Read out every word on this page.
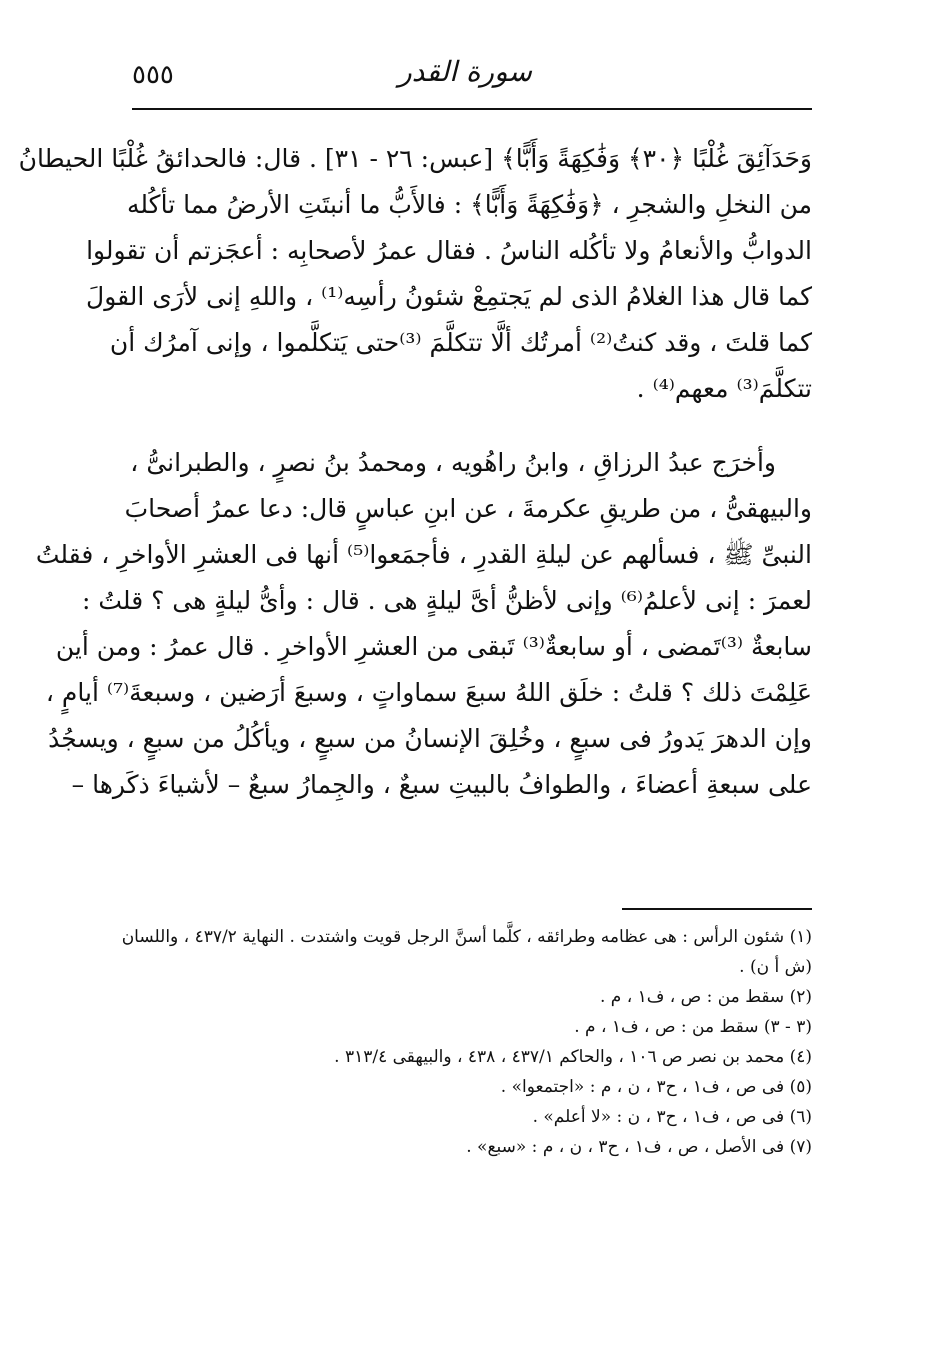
٥٥٥	سورة القدر

وَحَدَآئِقَ غُلْبًا ﴿٣٠﴾ وَفَٰكِهَةً وَأَبًّا﴾ [عبس: ٢٦ - ٣١] . قال: فالحدائقُ غُلْبًا الحيطانُ
من النخلِ والشجرِ ، ﴿وَفَٰكِهَةً وَأَبًّا﴾ : فالأَبُّ ما أنبتَتِ الأرضُ مما تأكُله
الدوابُّ والأنعامُ ولا تأكُله الناسُ . فقال عمرُ لأصحابِه : أعجَزتم أن تقولوا
كما قال هذا الغلامُ الذى لم يَجتمِعْ شئونُ رأسِه⁽¹⁾ ، واللهِ إنى لأرَى القولَ
كما قلتَ ، وقد كنتُ⁽²⁾ أمرتُك ألَّا تتكلَّمَ ⁽³⁾حتى يَتكلَّموا ، وإنى آمرُك أن
تتكلَّمَ⁽³⁾ معهم⁽⁴⁾ .

وأخرَج عبدُ الرزاقِ ، وابنُ راهُويه ، ومحمدُ بنُ نصرٍ ، والطبرانىُّ ،
والبيهقىُّ ، من طريقِ عكرمةَ ، عن ابنِ عباسٍ قال: دعا عمرُ أصحابَ
النبىِّ ﷺ ، فسألهم عن ليلةِ القدرِ ، فأجمَعوا⁽⁵⁾ أنها فى العشرِ الأواخرِ ، فقلتُ
لعمرَ : إنى لأعلمُ⁽⁶⁾ وإنى لأظنُّ أىَّ ليلةٍ هى . قال : وأىُّ ليلةٍ هى ؟ قلتُ :
سابعةٌ ⁽³⁾تَمضى ، أو سابعةٌ⁽³⁾ تَبقى من العشرِ الأواخرِ . قال عمرُ : ومن أين
عَلِمْتَ ذلك ؟ قلتُ : خلَق اللهُ سبعَ سماواتٍ ، وسبعَ أرَضين ، وسبعةَ⁽⁷⁾ أيامٍ ،
وإن الدهرَ يَدورُ فى سبعٍ ، وخُلِقَ الإنسانُ من سبعٍ ، ويأكُلُ من سبعٍ ، ويسجُدُ
على سبعةِ أعضاءَ ، والطوافُ بالبيتِ سبعٌ ، والجِمارُ سبعٌ – لأشياءَ ذكَرها –

(١) شئون الرأس : هى عظامه وطرائقه ، كلَّما أسنَّ الرجل قويت واشتدت . النهاية ٤٣٧/٢ ، واللسان
(ش أ ن) .
(٢) سقط من : ص ، ف١ ، م .
(٣ - ٣) سقط من : ص ، ف١ ، م .
(٤) محمد بن نصر ص ١٠٦ ، والحاكم ٤٣٧/١ ، ٤٣٨ ، والبيهقى ٣١٣/٤ .
(٥) فى ص ، ف١ ، ح٣ ، ن ، م : «اجتمعوا» .
(٦) فى ص ، ف١ ، ح٣ ، ن : «لا أعلم» .
(٧) فى الأصل ، ص ، ف١ ، ح٣ ، ن ، م : «سبع» .
